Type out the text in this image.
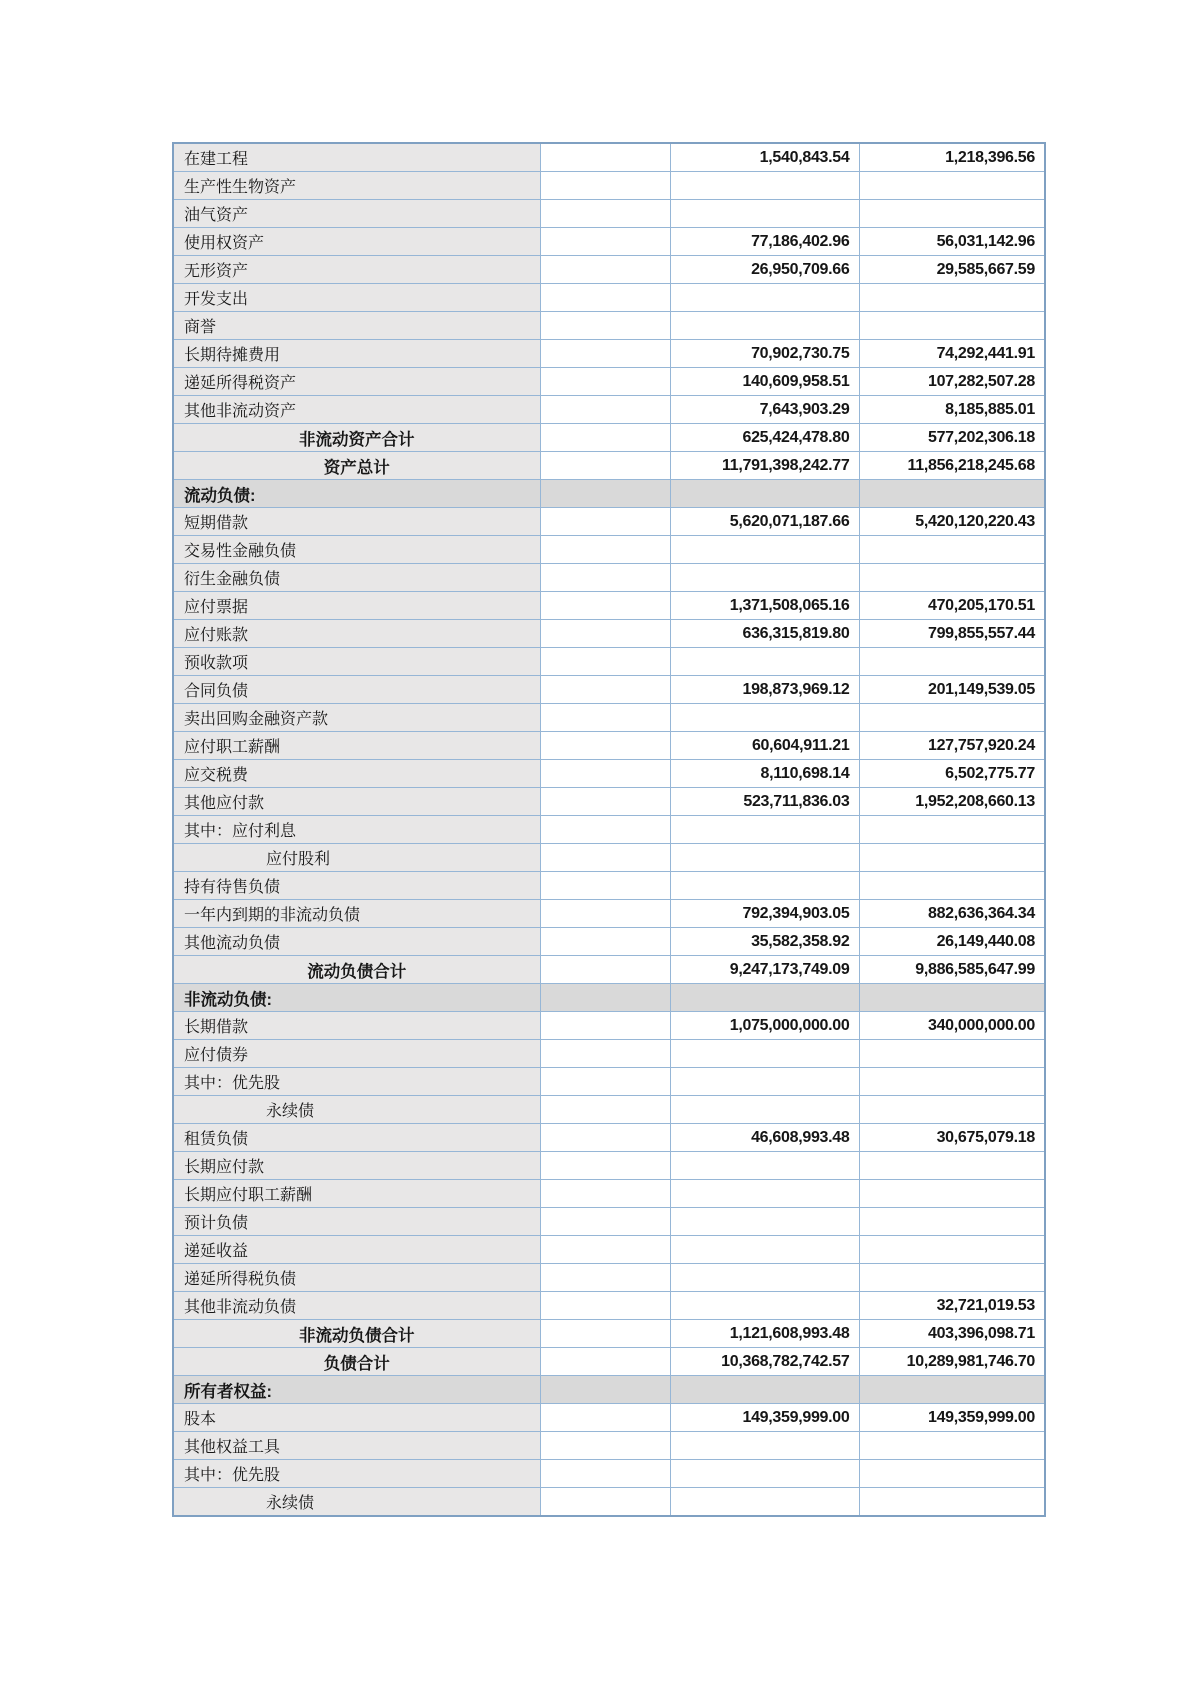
在建工程		1,540,843.54	1,218,396.56
生产性生物资产			
油气资产			
使用权资产		77,186,402.96	56,031,142.96
无形资产		26,950,709.66	29,585,667.59
开发支出			
商誉			
长期待摊费用		70,902,730.75	74,292,441.91
递延所得税资产		140,609,958.51	107,282,507.28
其他非流动资产		7,643,903.29	8,185,885.01
非流动资产合计		625,424,478.80	577,202,306.18
资产总计		11,791,398,242.77	11,856,218,245.68
流动负债:			
短期借款		5,620,071,187.66	5,420,120,220.43
交易性金融负债			
衍生金融负债			
应付票据		1,371,508,065.16	470,205,170.51
应付账款		636,315,819.80	799,855,557.44
预收款项			
合同负债		198,873,969.12	201,149,539.05
卖出回购金融资产款			
应付职工薪酬		60,604,911.21	127,757,920.24
应交税费		8,110,698.14	6,502,775.77
其他应付款		523,711,836.03	1,952,208,660.13
其中：应付利息			
应付股利			
持有待售负债			
一年内到期的非流动负债		792,394,903.05	882,636,364.34
其他流动负债		35,582,358.92	26,149,440.08
流动负债合计		9,247,173,749.09	9,886,585,647.99
非流动负债:			
长期借款		1,075,000,000.00	340,000,000.00
应付债券			
其中：优先股			
永续债			
租赁负债		46,608,993.48	30,675,079.18
长期应付款			
长期应付职工薪酬			
预计负债			
递延收益			
递延所得税负债			
其他非流动负债			32,721,019.53
非流动负债合计		1,121,608,993.48	403,396,098.71
负债合计		10,368,782,742.57	10,289,981,746.70
所有者权益:			
股本		149,359,999.00	149,359,999.00
其他权益工具			
其中：优先股			
永续债			
